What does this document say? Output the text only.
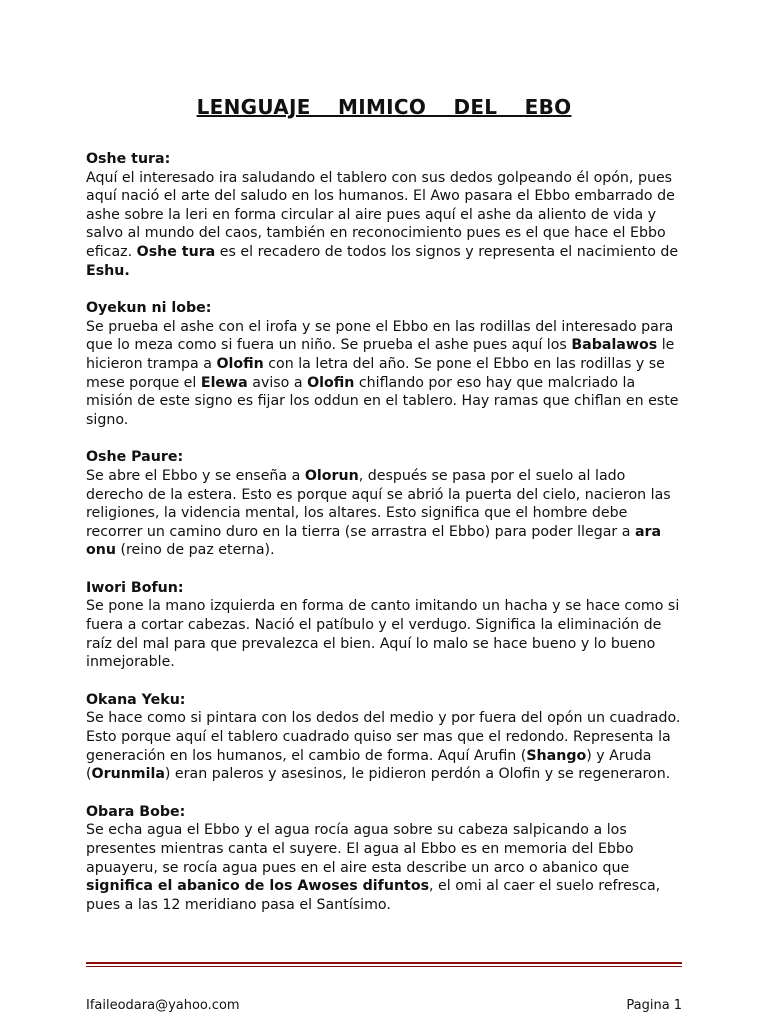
LENGUAJE MIMICO DEL EBO
Oshe tura:
Aquí el interesado ira saludando el tablero con sus dedos golpeando él opón, pues aquí nació el arte del saludo en los humanos. El Awo pasara el Ebbo embarrado de ashe sobre la leri en forma circular al aire pues aquí el ashe da aliento de vida y salvo al mundo del caos, también en reconocimiento pues es el que hace el Ebbo eficaz. Oshe tura es el recadero de todos los signos y representa el nacimiento de Eshu.
Oyekun ni lobe:
Se prueba el ashe con el irofa y se pone el Ebbo en las rodillas del interesado para que lo meza como si fuera un niño. Se prueba el ashe pues aquí los Babalawos le hicieron trampa a Olofin con la letra del año. Se pone el Ebbo en las rodillas y se mese porque el Elewa aviso a Olofin chiflando por eso hay que malcriado la misión de este signo es fijar los oddun en el tablero. Hay ramas que chiflan en este signo.
Oshe Paure:
Se abre el Ebbo y se enseña a Olorun, después se pasa por el suelo al lado derecho de la estera. Esto es porque aquí se abrió la puerta del cielo, nacieron las religiones, la videncia mental, los altares. Esto significa que el hombre debe recorrer un camino duro en la tierra (se arrastra el Ebbo) para poder llegar a ara onu (reino de paz eterna).
Iwori Bofun:
Se pone la mano izquierda en forma de canto imitando un hacha y se hace como si fuera a cortar cabezas. Nació el patíbulo y el verdugo. Significa la eliminación de raíz del mal para que prevalezca el bien. Aquí lo malo se hace bueno y lo bueno inmejorable.
Okana Yeku:
Se hace como si pintara con los dedos del medio y por fuera del opón un cuadrado. Esto porque aquí el tablero cuadrado quiso ser mas que el redondo. Representa la generación en los humanos, el cambio de forma. Aquí Arufin (Shango) y Aruda (Orunmila) eran paleros y asesinos, le pidieron perdón a Olofin y se regeneraron.
Obara Bobe:
Se echa agua el Ebbo y el agua rocía agua sobre su cabeza salpicando a los presentes mientras canta el suyere. El agua al Ebbo es en memoria del Ebbo apuayeru, se rocía agua pues en el aire esta describe un arco o abanico que significa el abanico de los Awoses difuntos, el omi al caer el suelo refresca, pues a las 12 meridiano pasa el Santísimo.
Ifaileodara@yahoo.com	Pagina 1
